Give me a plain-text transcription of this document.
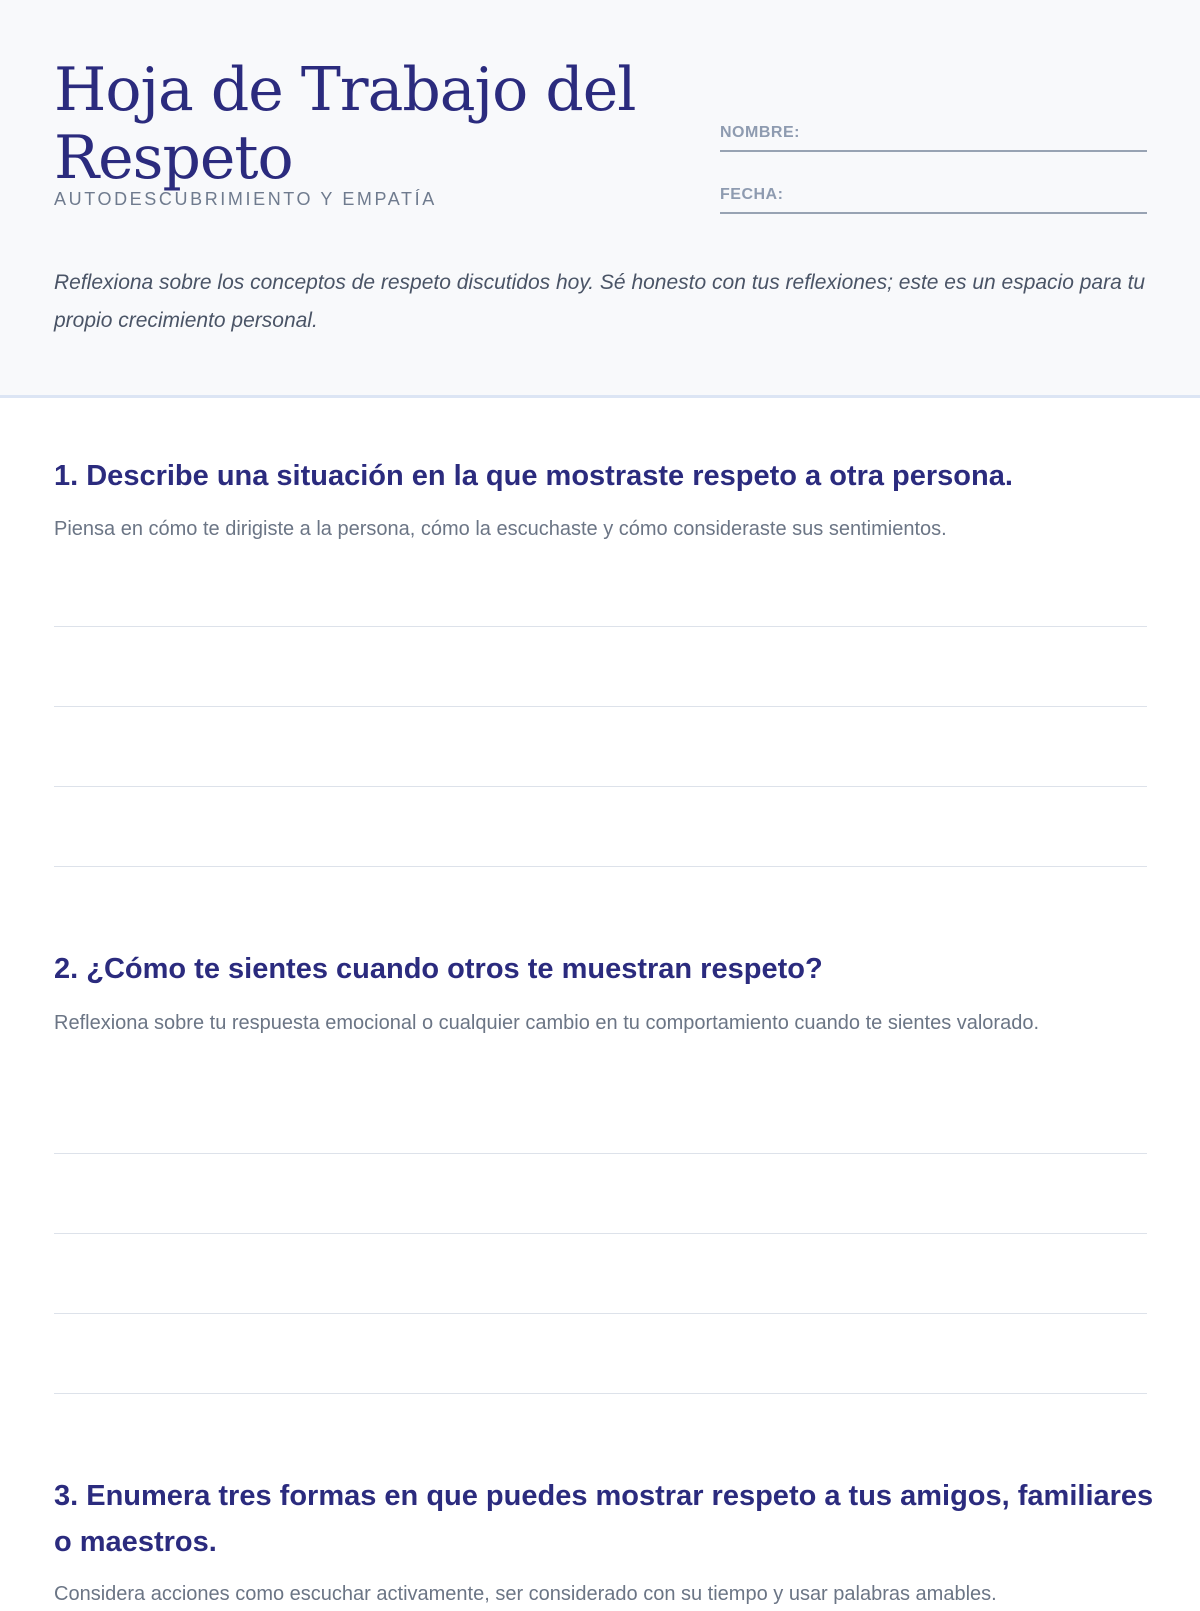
Hoja de Trabajo del Respeto
AUTODESCUBRIMIENTO Y EMPATÍA
NOMBRE:
FECHA:

Reflexiona sobre los conceptos de respeto discutidos hoy. Sé honesto con tus reflexiones; este es un espacio para tu propio crecimiento personal.

1. Describe una situación en la que mostraste respeto a otra persona.

Piensa en cómo te dirigiste a la persona, cómo la escuchaste y cómo consideraste sus sentimientos.

2. ¿Cómo te sientes cuando otros te muestran respeto?

Reflexiona sobre tu respuesta emocional o cualquier cambio en tu comportamiento cuando te sientes valorado.

3. Enumera tres formas en que puedes mostrar respeto a tus amigos, familiares o maestros.

Considera acciones como escuchar activamente, ser considerado con su tiempo y usar palabras amables.
